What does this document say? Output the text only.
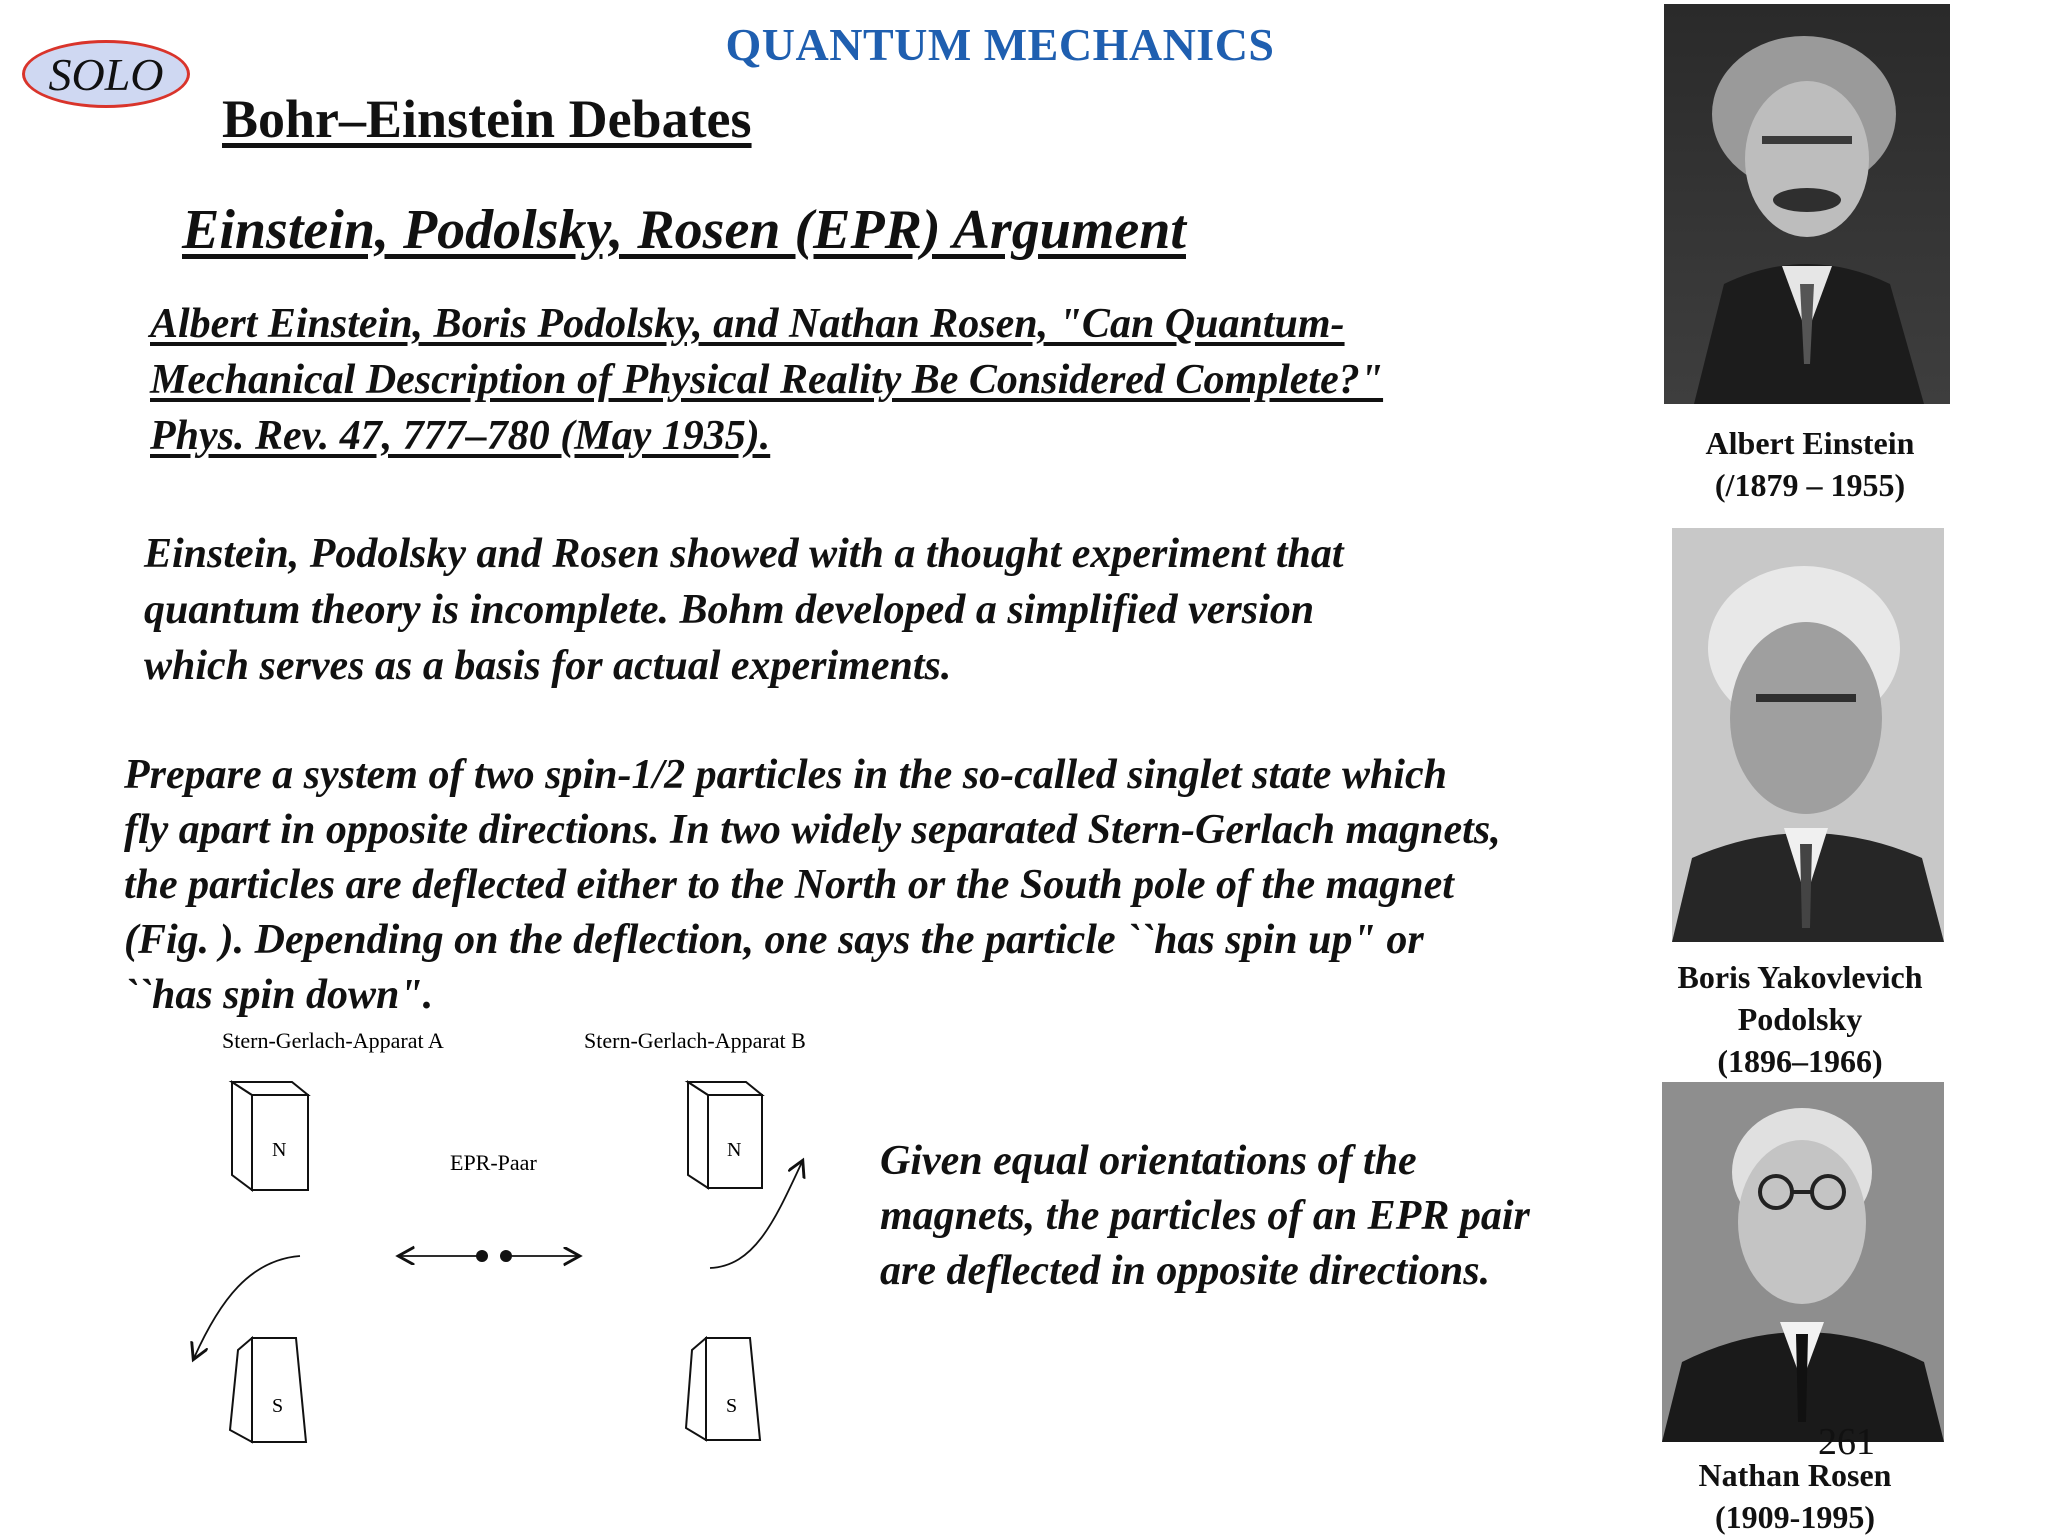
SOLO
QUANTUM MECHANICS
Bohr–Einstein Debates
Einstein, Podolsky, Rosen (EPR) Argument
Albert Einstein, Boris Podolsky, and Nathan Rosen, "Can Quantum-
Mechanical Description of Physical Reality Be Considered Complete?"
Phys. Rev. 47, 777–780 (May 1935).
Einstein, Podolsky and Rosen showed with a thought experiment that
quantum theory is incomplete. Bohm developed a simplified version
which serves as a basis for actual experiments.
Prepare a system of two spin-1/2 particles in the so-called singlet state which
fly apart in opposite directions. In two widely separated Stern-Gerlach magnets,
the particles are deflected either to the North or the South pole of the magnet
(Fig. ). Depending on the deflection, one says the particle ``has spin up" or
``has spin down".
Stern-Gerlach-Apparat A	Stern-Gerlach-Apparat B
N	N
EPR-Paar
S	S
Given equal orientations of the
magnets, the particles of an EPR pair
are deflected in opposite directions.
Albert Einstein
(/1879 – 1955)
Boris Yakovlevich
Podolsky
(1896–1966)
Nathan Rosen
(1909-1995)
261
